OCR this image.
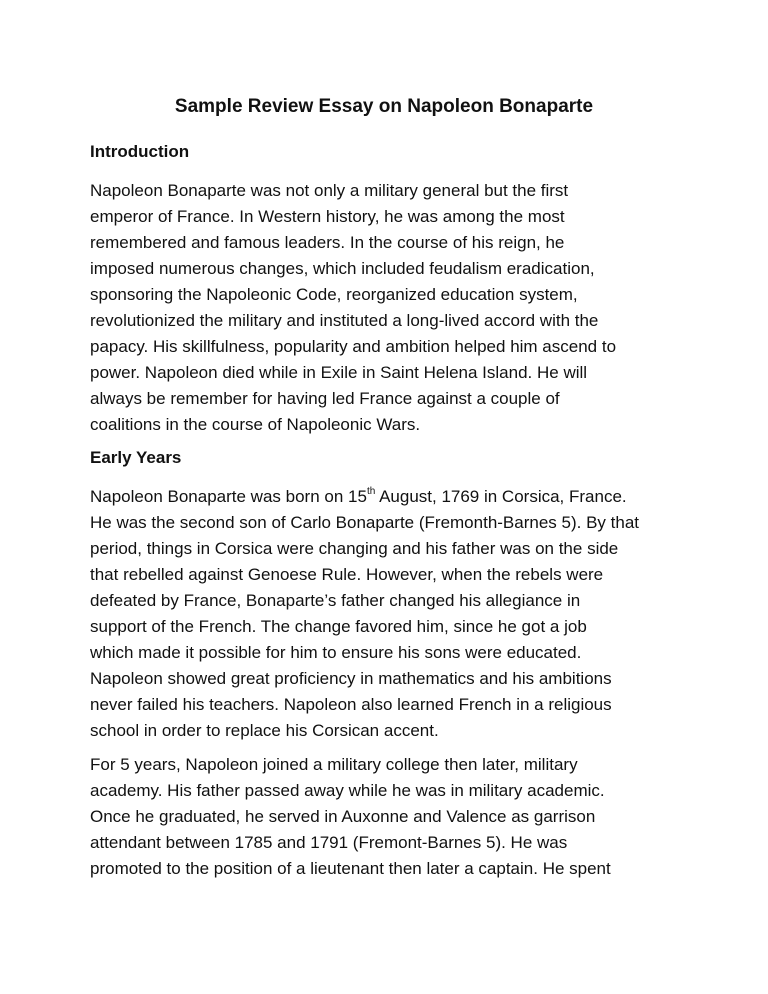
Sample Review Essay on Napoleon Bonaparte
Introduction
Napoleon Bonaparte was not only a military general but the first
emperor of France. In Western history, he was among the most
remembered and famous leaders. In the course of his reign, he
imposed numerous changes, which included feudalism eradication,
sponsoring the Napoleonic Code, reorganized education system,
revolutionized the military and instituted a long-lived accord with the
papacy. His skillfulness, popularity and ambition helped him ascend to
power. Napoleon died while in Exile in Saint Helena Island. He will
always be remember for having led France against a couple of
coalitions in the course of Napoleonic Wars.
Early Years
Napoleon Bonaparte was born on 15th August, 1769 in Corsica, France.
He was the second son of Carlo Bonaparte (Fremonth-Barnes 5). By that
period, things in Corsica were changing and his father was on the side
that rebelled against Genoese Rule. However, when the rebels were
defeated by France, Bonaparte’s father changed his allegiance in
support of the French. The change favored him, since he got a job
which made it possible for him to ensure his sons were educated.
Napoleon showed great proficiency in mathematics and his ambitions
never failed his teachers. Napoleon also learned French in a religious
school in order to replace his Corsican accent.
For 5 years, Napoleon joined a military college then later, military
academy. His father passed away while he was in military academic.
Once he graduated, he served in Auxonne and Valence as garrison
attendant between 1785 and 1791 (Fremont-Barnes 5). He was
promoted to the position of a lieutenant then later a captain. He spent
